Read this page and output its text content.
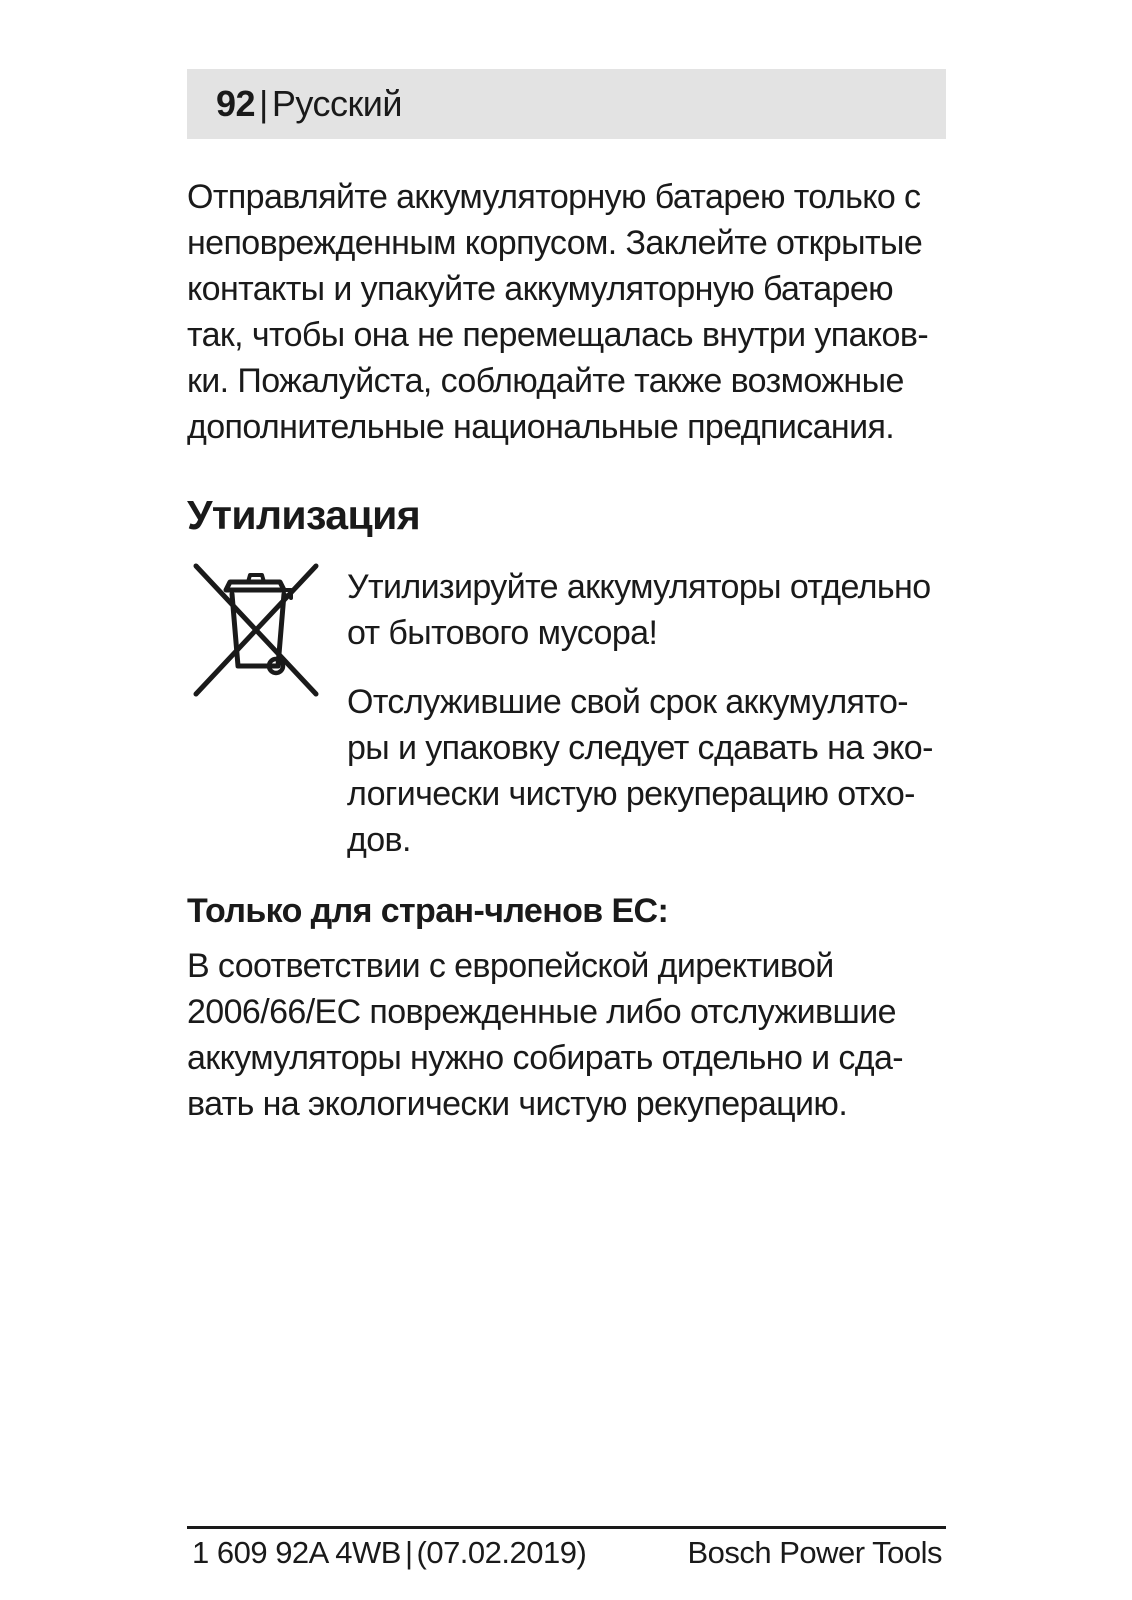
92 | Русский
Отправляйте аккумуляторную батарею только с
неповрежденным корпусом. Заклейте открытые
контакты и упакуйте аккумуляторную батарею
так, чтобы она не перемещалась внутри упаков-
ки. Пожалуйста, соблюдайте также возможные
дополнительные национальные предписания.
Утилизация
Утилизируйте аккумуляторы отдельно
от бытового мусора!
Отслужившие свой срок аккумулято-
ры и упаковку следует сдавать на эко-
логически чистую рекуперацию отхо-
дов.
Только для стран-членов ЕС:
В соответствии с европейской директивой
2006/66/ЕС поврежденные либо отслужившие
аккумуляторы нужно собирать отдельно и сда-
вать на экологически чистую рекуперацию.
1 609 92A 4WB | (07.02.2019)	Bosch Power Tools
